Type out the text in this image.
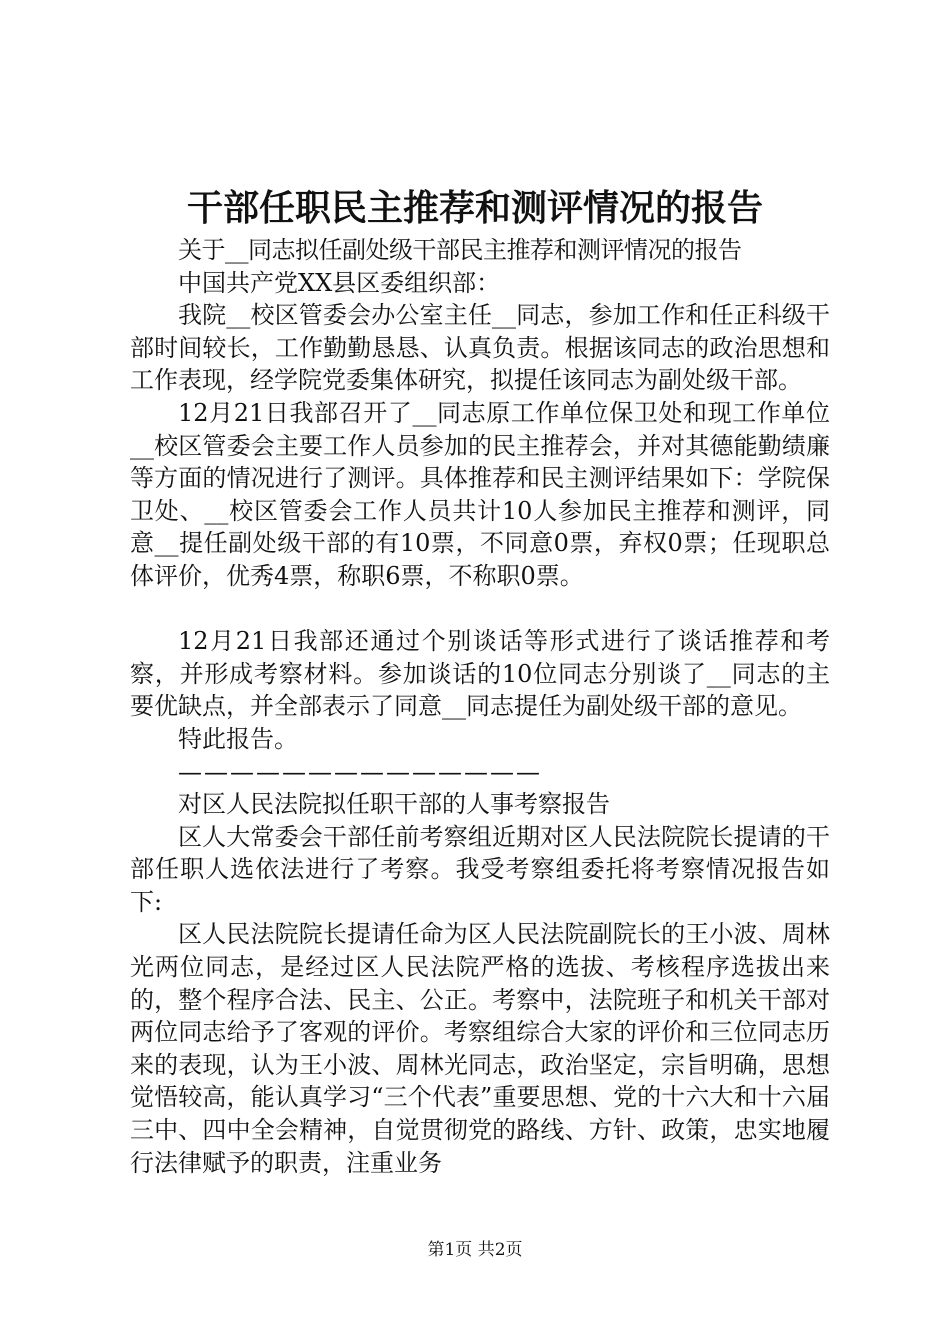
干部任职民主推荐和测评情况的报告

关于__同志拟任副处级干部民主推荐和测评情况的报告

中国共产党XX县区委组织部：

我院__校区管委会办公室主任__同志，参加工作和任正科级干部时间较长，工作勤勤恳恳、认真负责。根据该同志的政治思想和工作表现，经学院党委集体研究，拟提任该同志为副处级干部。

12月21日我部召开了__同志原工作单位保卫处和现工作单位__校区管委会主要工作人员参加的民主推荐会，并对其德能勤绩廉等方面的情况进行了测评。具体推荐和民主测评结果如下：学院保卫处、__校区管委会工作人员共计10人参加民主推荐和测评，同意__提任副处级干部的有10票，不同意0票，弃权0票；任现职总体评价，优秀4票，称职6票，不称职0票。

12月21日我部还通过个别谈话等形式进行了谈话推荐和考察，并形成考察材料。参加谈话的10位同志分别谈了__同志的主要优缺点，并全部表示了同意__同志提任为副处级干部的意见。

特此报告。

——————————————

对区人民法院拟任职干部的人事考察报告

区人大常委会干部任前考察组近期对区人民法院院长提请的干部任职人选依法进行了考察。我受考察组委托将考察情况报告如下:

区人民法院院长提请任命为区人民法院副院长的王小波、周林光两位同志，是经过区人民法院严格的选拔、考核程序选拔出来的，整个程序合法、民主、公正。考察中，法院班子和机关干部对两位同志给予了客观的评价。考察组综合大家的评价和三位同志历来的表现，认为王小波、周林光同志，政治坚定，宗旨明确，思想觉悟较高，能认真学习“三个代表”重要思想、党的十六大和十六届三中、四中全会精神，自觉贯彻党的路线、方针、政策，忠实地履行法律赋予的职责，注重业务

第1页 共2页
